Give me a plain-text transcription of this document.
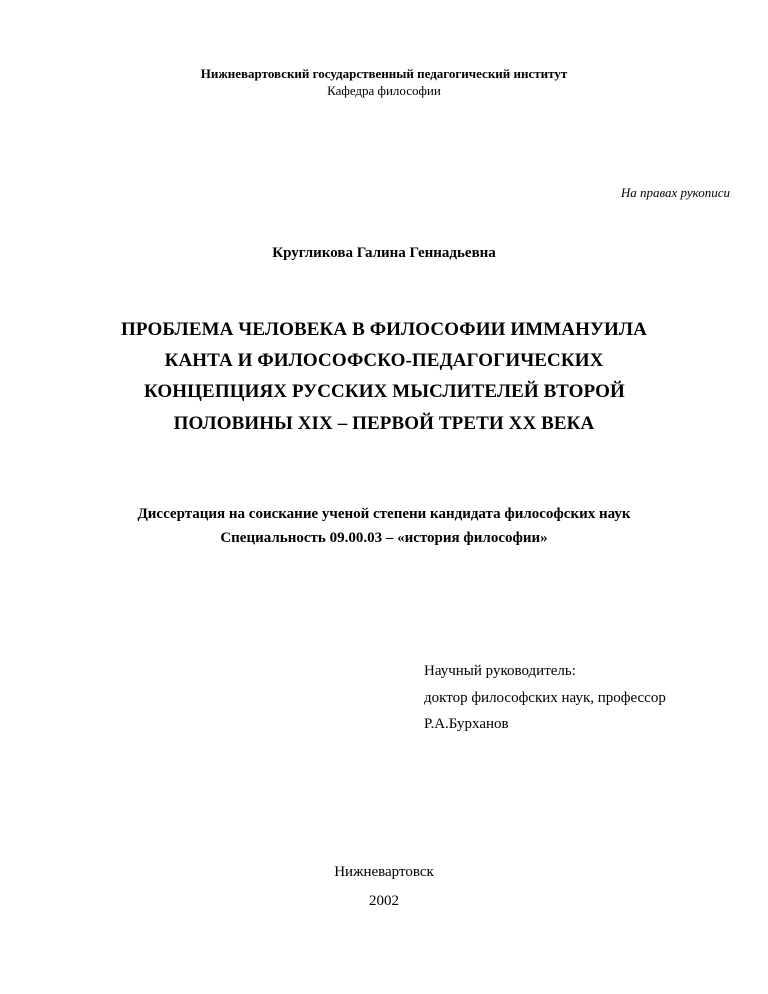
Нижневартовский государственный педагогический институт
Кафедра философии
На правах рукописи
Кругликова Галина Геннадьевна
ПРОБЛЕМА ЧЕЛОВЕКА В ФИЛОСОФИИ ИММАНУИЛА
КАНТА И ФИЛОСОФСКО-ПЕДАГОГИЧЕСКИХ
КОНЦЕПЦИЯХ РУССКИХ МЫСЛИТЕЛЕЙ ВТОРОЙ
ПОЛОВИНЫ XIX – ПЕРВОЙ ТРЕТИ XX ВЕКА
Диссертация на соискание ученой степени кандидата философских наук
Специальность 09.00.03 – «история философии»
Научный руководитель:
доктор философских наук, профессор
Р.А.Бурханов
Нижневартовск
2002
